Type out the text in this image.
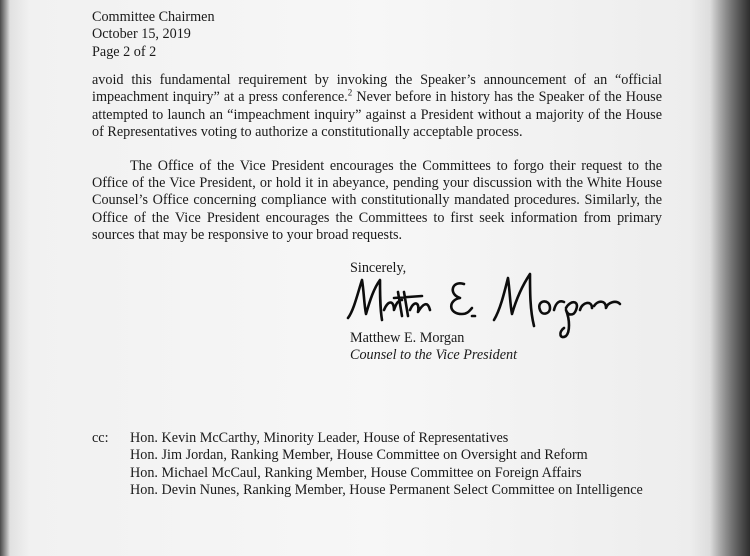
Committee Chairmen
October 15, 2019
Page 2 of 2

avoid this fundamental requirement by invoking the Speaker’s announcement of an “official impeachment inquiry” at a press conference.$^2$ Never before in history has the Speaker of the House attempted to launch an “impeachment inquiry” against a President without a majority of the House of Representatives voting to authorize a constitutionally acceptable process.

The Office of the Vice President encourages the Committees to forgo their request to the Office of the Vice President, or hold it in abeyance, pending your discussion with the White House Counsel’s Office concerning compliance with constitutionally mandated procedures. Similarly, the Office of the Vice President encourages the Committees to first seek information from primary sources that may be responsive to your broad requests.

Sincerely,
Matthew E. Morgan
Counsel to the Vice President
cc: Hon. Kevin McCarthy, Minority Leader, House of Representatives
Hon. Jim Jordan, Ranking Member, House Committee on Oversight and Reform
Hon. Michael McCaul, Ranking Member, House Committee on Foreign Affairs
Hon. Devin Nunes, Ranking Member, House Permanent Select Committee on Intelligence
